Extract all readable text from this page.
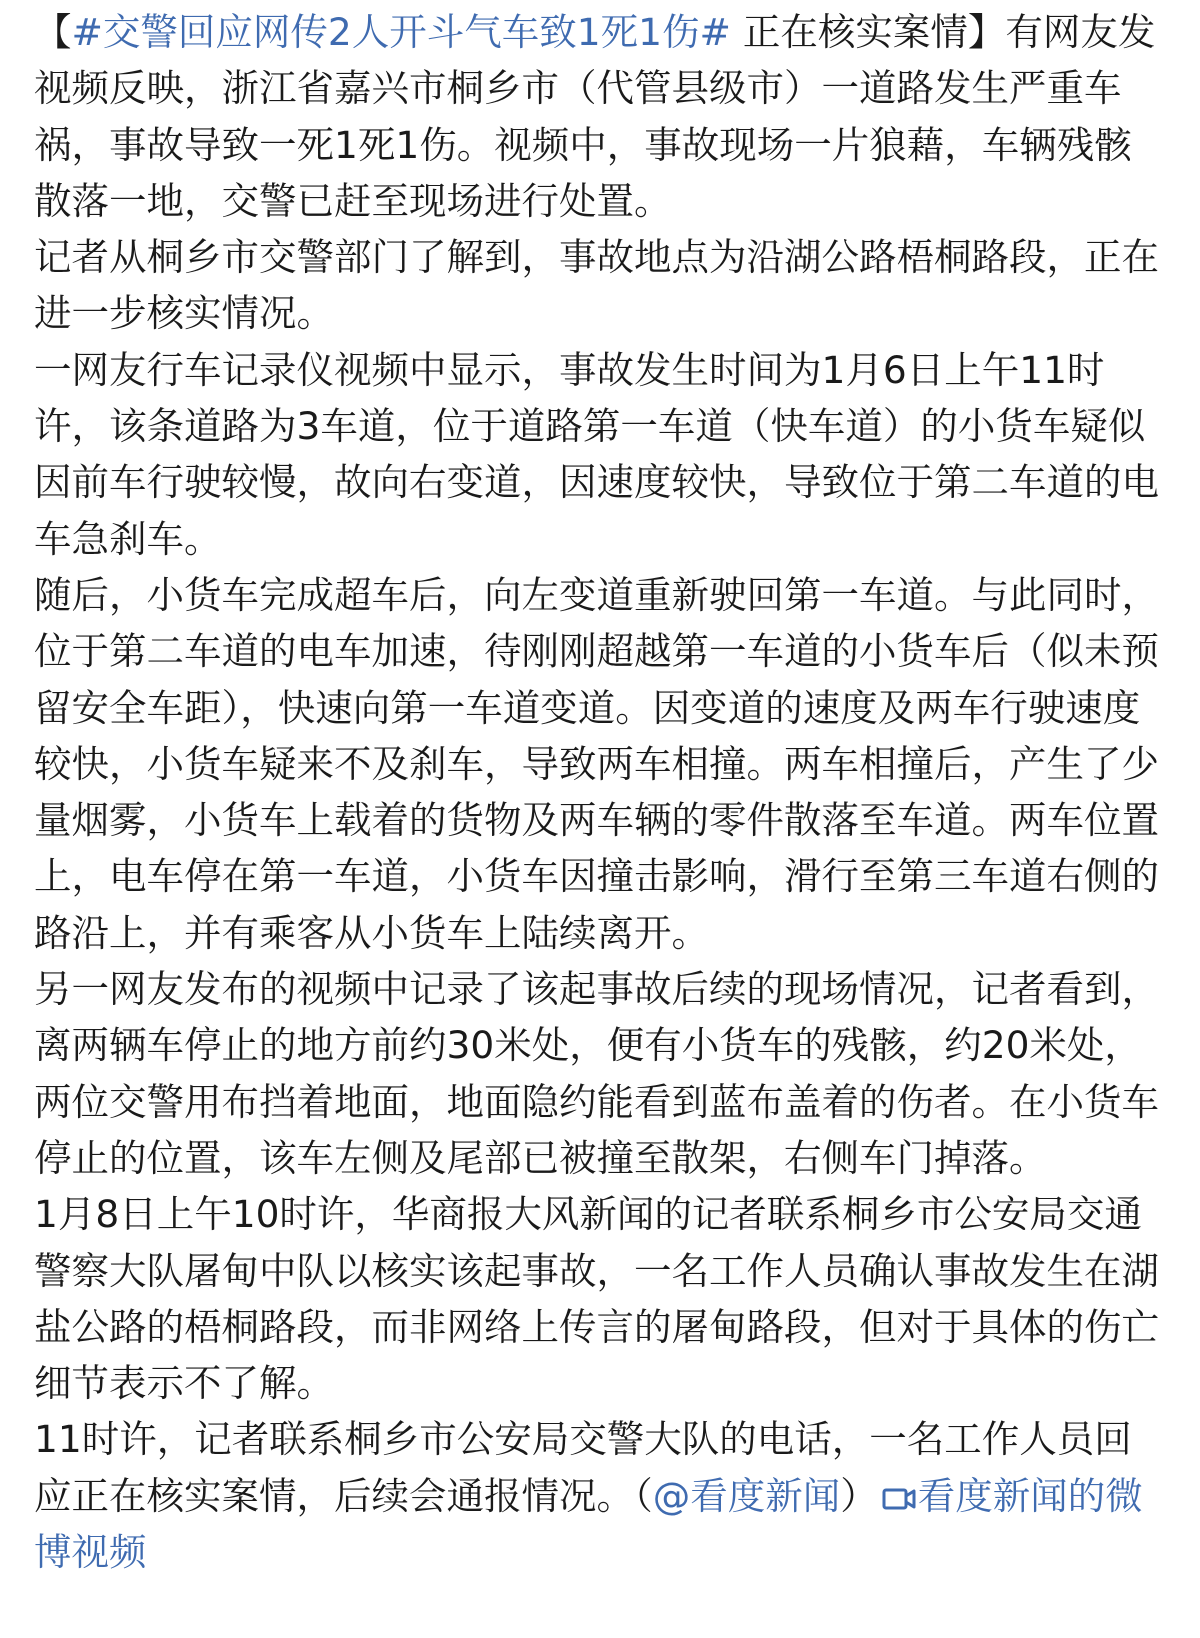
【#交警回应网传2人开斗气车致1死1伤# 正在核实案情】有网友发视频反映，浙江省嘉兴市桐乡市（代管县级市）一道路发生严重车祸，事故导致一死1死1伤。视频中，事故现场一片狼藉，车辆残骸散落一地，交警已赶至现场进行处置。

记者从桐乡市交警部门了解到，事故地点为沿湖公路梧桐路段，正在进一步核实情况。

一网友行车记录仪视频中显示，事故发生时间为1月6日上午11时许，该条道路为3车道，位于道路第一车道（快车道）的小货车疑似因前车行驶较慢，故向右变道，因速度较快，导致位于第二车道的电车急刹车。

随后，小货车完成超车后，向左变道重新驶回第一车道。与此同时，位于第二车道的电车加速，待刚刚超越第一车道的小货车后（似未预留安全车距），快速向第一车道变道。因变道的速度及两车行驶速度较快，小货车疑来不及刹车，导致两车相撞。两车相撞后，产生了少量烟雾，小货车上载着的货物及两车辆的零件散落至车道。两车位置上，电车停在第一车道，小货车因撞击影响，滑行至第三车道右侧的路沿上，并有乘客从小货车上陆续离开。

另一网友发布的视频中记录了该起事故后续的现场情况，记者看到，离两辆车停止的地方前约30米处，便有小货车的残骸，约20米处，两位交警用布挡着地面，地面隐约能看到蓝布盖着的伤者。在小货车停止的位置，该车左侧及尾部已被撞至散架，右侧车门掉落。

1月8日上午10时许，华商报大风新闻的记者联系桐乡市公安局交通警察大队屠甸中队以核实该起事故，一名工作人员确认事故发生在湖盐公路的梧桐路段，而非网络上传言的屠甸路段，但对于具体的伤亡细节表示不了解。

11时许，记者联系桐乡市公安局交警大队的电话，一名工作人员回应正在核实案情，后续会通报情况。（@看度新闻） 看度新闻的微博视频
